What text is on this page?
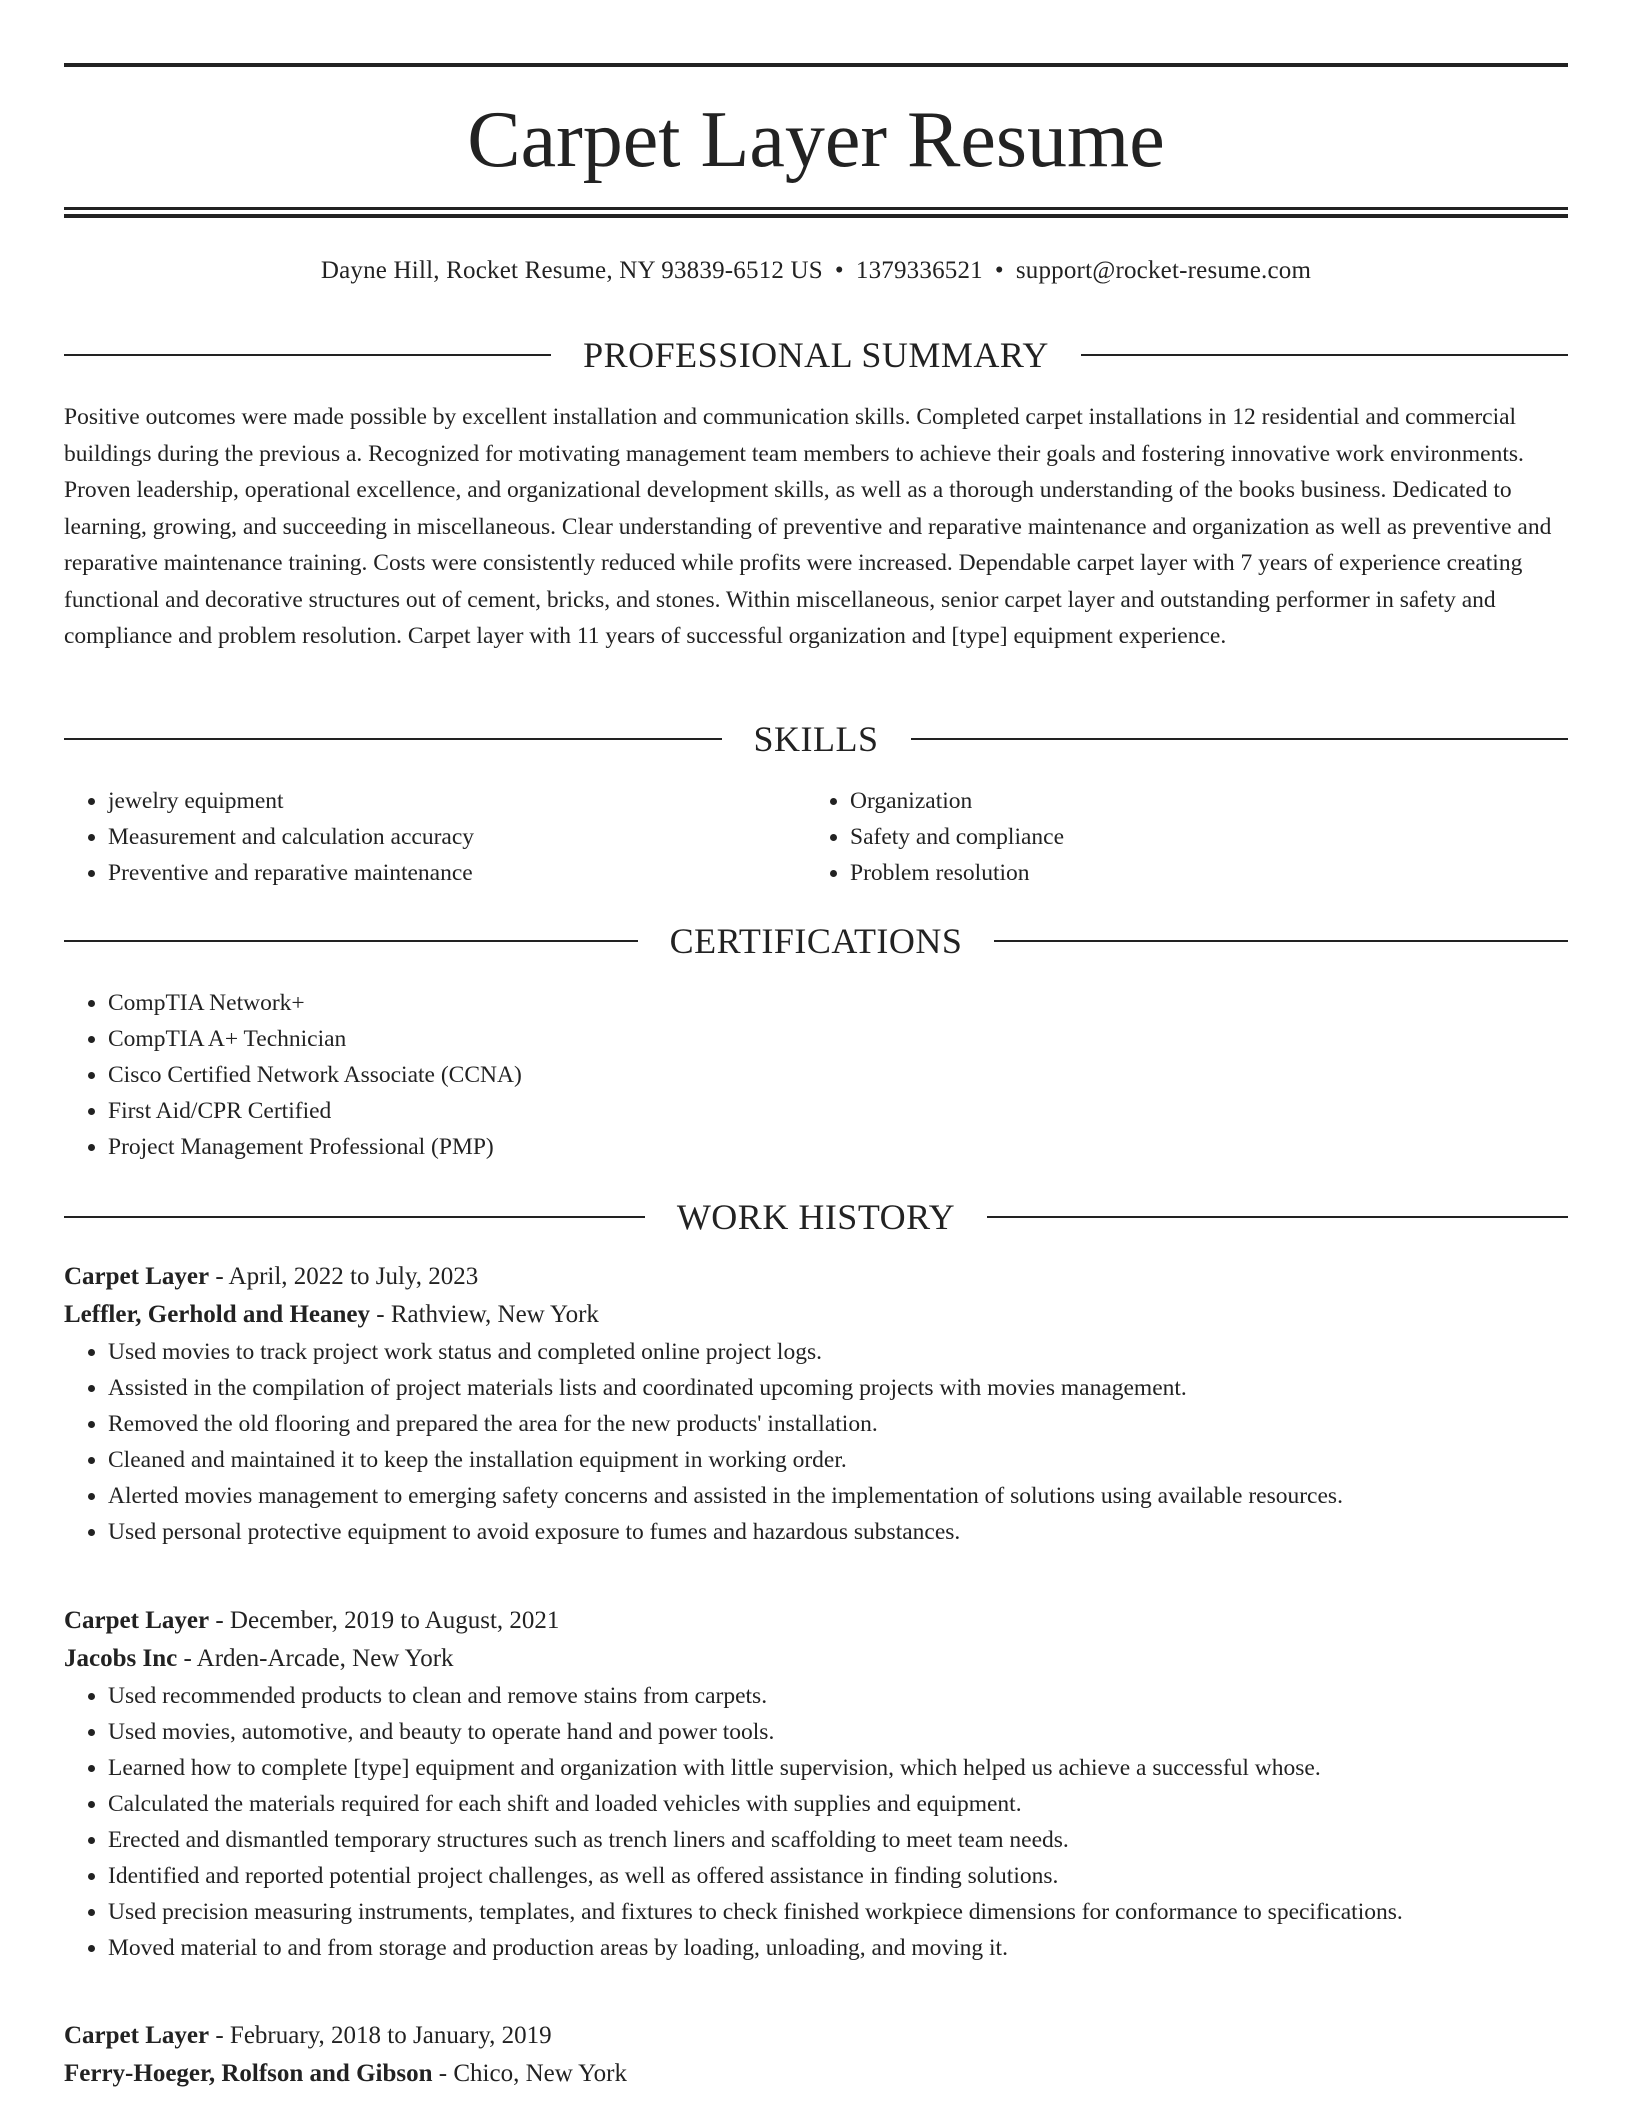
Carpet Layer Resume
Dayne Hill, Rocket Resume, NY 93839-6512 US • 1379336521 • support@rocket-resume.com
PROFESSIONAL SUMMARY

Positive outcomes were made possible by excellent installation and communication skills. Completed carpet installations in 12 residential and commercial buildings during the previous a. Recognized for motivating management team members to achieve their goals and fostering innovative work environments. Proven leadership, operational excellence, and organizational development skills, as well as a thorough understanding of the books business. Dedicated to learning, growing, and succeeding in miscellaneous. Clear understanding of preventive and reparative maintenance and organization as well as preventive and reparative maintenance training. Costs were consistently reduced while profits were increased. Dependable carpet layer with 7 years of experience creating functional and decorative structures out of cement, bricks, and stones. Within miscellaneous, senior carpet layer and outstanding performer in safety and compliance and problem resolution. Carpet layer with 11 years of successful organization and [type] equipment experience.

SKILLS
• jewelry equipment
• Measurement and calculation accuracy
• Preventive and reparative maintenance
• Organization
• Safety and compliance
• Problem resolution
CERTIFICATIONS
• CompTIA Network+
• CompTIA A+ Technician
• Cisco Certified Network Associate (CCNA)
• First Aid/CPR Certified
• Project Management Professional (PMP)
WORK HISTORY
Carpet Layer - April, 2022 to July, 2023
Leffler, Gerhold and Heaney - Rathview, New York
• Used movies to track project work status and completed online project logs.
• Assisted in the compilation of project materials lists and coordinated upcoming projects with movies management.
• Removed the old flooring and prepared the area for the new products' installation.
• Cleaned and maintained it to keep the installation equipment in working order.
• Alerted movies management to emerging safety concerns and assisted in the implementation of solutions using available resources.
• Used personal protective equipment to avoid exposure to fumes and hazardous substances.
Carpet Layer - December, 2019 to August, 2021
Jacobs Inc - Arden-Arcade, New York
• Used recommended products to clean and remove stains from carpets.
• Used movies, automotive, and beauty to operate hand and power tools.
• Learned how to complete [type] equipment and organization with little supervision, which helped us achieve a successful whose.
• Calculated the materials required for each shift and loaded vehicles with supplies and equipment.
• Erected and dismantled temporary structures such as trench liners and scaffolding to meet team needs.
• Identified and reported potential project challenges, as well as offered assistance in finding solutions.
• Used precision measuring instruments, templates, and fixtures to check finished workpiece dimensions for conformance to specifications.
• Moved material to and from storage and production areas by loading, unloading, and moving it.
Carpet Layer - February, 2018 to January, 2019
Ferry-Hoeger, Rolfson and Gibson - Chico, New York
